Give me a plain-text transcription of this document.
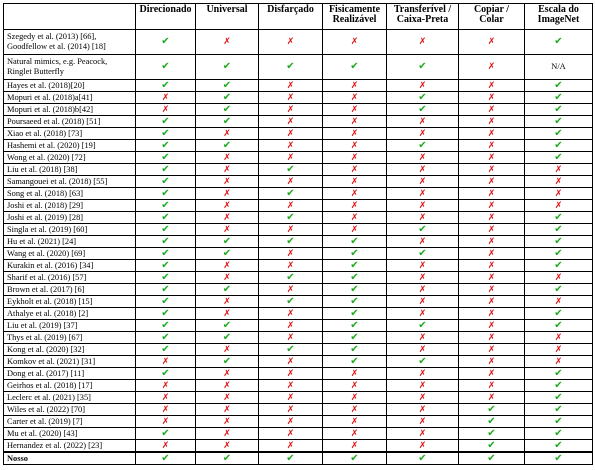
	Direcionado	Universal	Disfarçado	Fisicamente Realizável	Transferível / Caixa-Preta	Copiar / Colar	Escala do ImageNet
Szegedy et al. (2013) [66], Goodfellow et al. (2014) [18]	✔	✗	✗	✗	✗	✗	✔
Natural mimics, e.g. Peacock, Ringlet Butterfly	✔	✔	✔	✔	✔	✗	N/A
Hayes et al. (2018)[20]	✔	✔	✗	✗	✗	✗	✔
Mopuri et al. (2018)a[41]	✗	✔	✗	✗	✔	✗	✔
Mopuri et al. (2018)b[42]	✗	✔	✗	✗	✔	✗	✔
Poursaeed et al. (2018) [51]	✔	✔	✗	✗	✗	✗	✔
Xiao et al. (2018) [73]	✔	✗	✗	✗	✗	✗	✔
Hashemi et al. (2020) [19]	✔	✔	✗	✗	✔	✗	✔
Wong et al. (2020) [72]	✔	✗	✗	✗	✗	✗	✔
Liu et al. (2018) [38]	✔	✗	✔	✗	✗	✗	✗
Samangouei et al. (2018) [55]	✔	✗	✗	✗	✗	✗	✗
Song et al. (2018) [63]	✔	✗	✔	✗	✗	✗	✗
Joshi et al. (2018) [29]	✔	✗	✗	✗	✗	✗	✗
Joshi et al. (2019) [28]	✔	✗	✔	✗	✗	✗	✔
Singla et al. (2019) [60]	✔	✗	✗	✗	✔	✗	✔
Hu et al. (2021) [24]	✔	✔	✔	✔	✗	✗	✔
Wang et al. (2020) [69]	✔	✔	✗	✔	✔	✗	✔
Kurakin et al. (2016) [34]	✔	✗	✗	✔	✗	✗	✔
Sharif et al. (2016) [57]	✔	✗	✔	✔	✗	✗	✗
Brown et al. (2017) [6]	✔	✔	✗	✔	✗	✗	✔
Eykholt et al. (2018) [15]	✔	✗	✔	✔	✗	✗	✗
Athalye et al. (2018) [2]	✔	✗	✗	✔	✗	✗	✔
Liu et al. (2019) [37]	✔	✔	✗	✔	✔	✗	✔
Thys et al. (2019) [67]	✔	✔	✗	✔	✗	✗	✗
Kong et al. (2020) [32]	✔	✗	✔	✔	✗	✗	✗
Komkov et al. (2021) [31]	✗	✔	✗	✔	✔	✗	✗
Dong et al. (2017) [11]	✔	✗	✗	✗	✗	✗	✔
Geirhos et al. (2018) [17]	✗	✗	✗	✗	✗	✗	✔
Leclerc et al. (2021) [35]	✗	✗	✗	✗	✗	✗	✔
Wiles et al. (2022) [70]	✗	✗	✗	✗	✗	✔	✔
Carter et al. (2019) [7]	✗	✗	✗	✗	✗	✔	✔
Mu et al. (2020) [43]	✔	✗	✗	✗	✗	✔	✔
Hernandez et al. (2022) [23]	✗	✗	✗	✗	✗	✔	✔
Nosso	✔	✔	✔	✔	✔	✔	✔
